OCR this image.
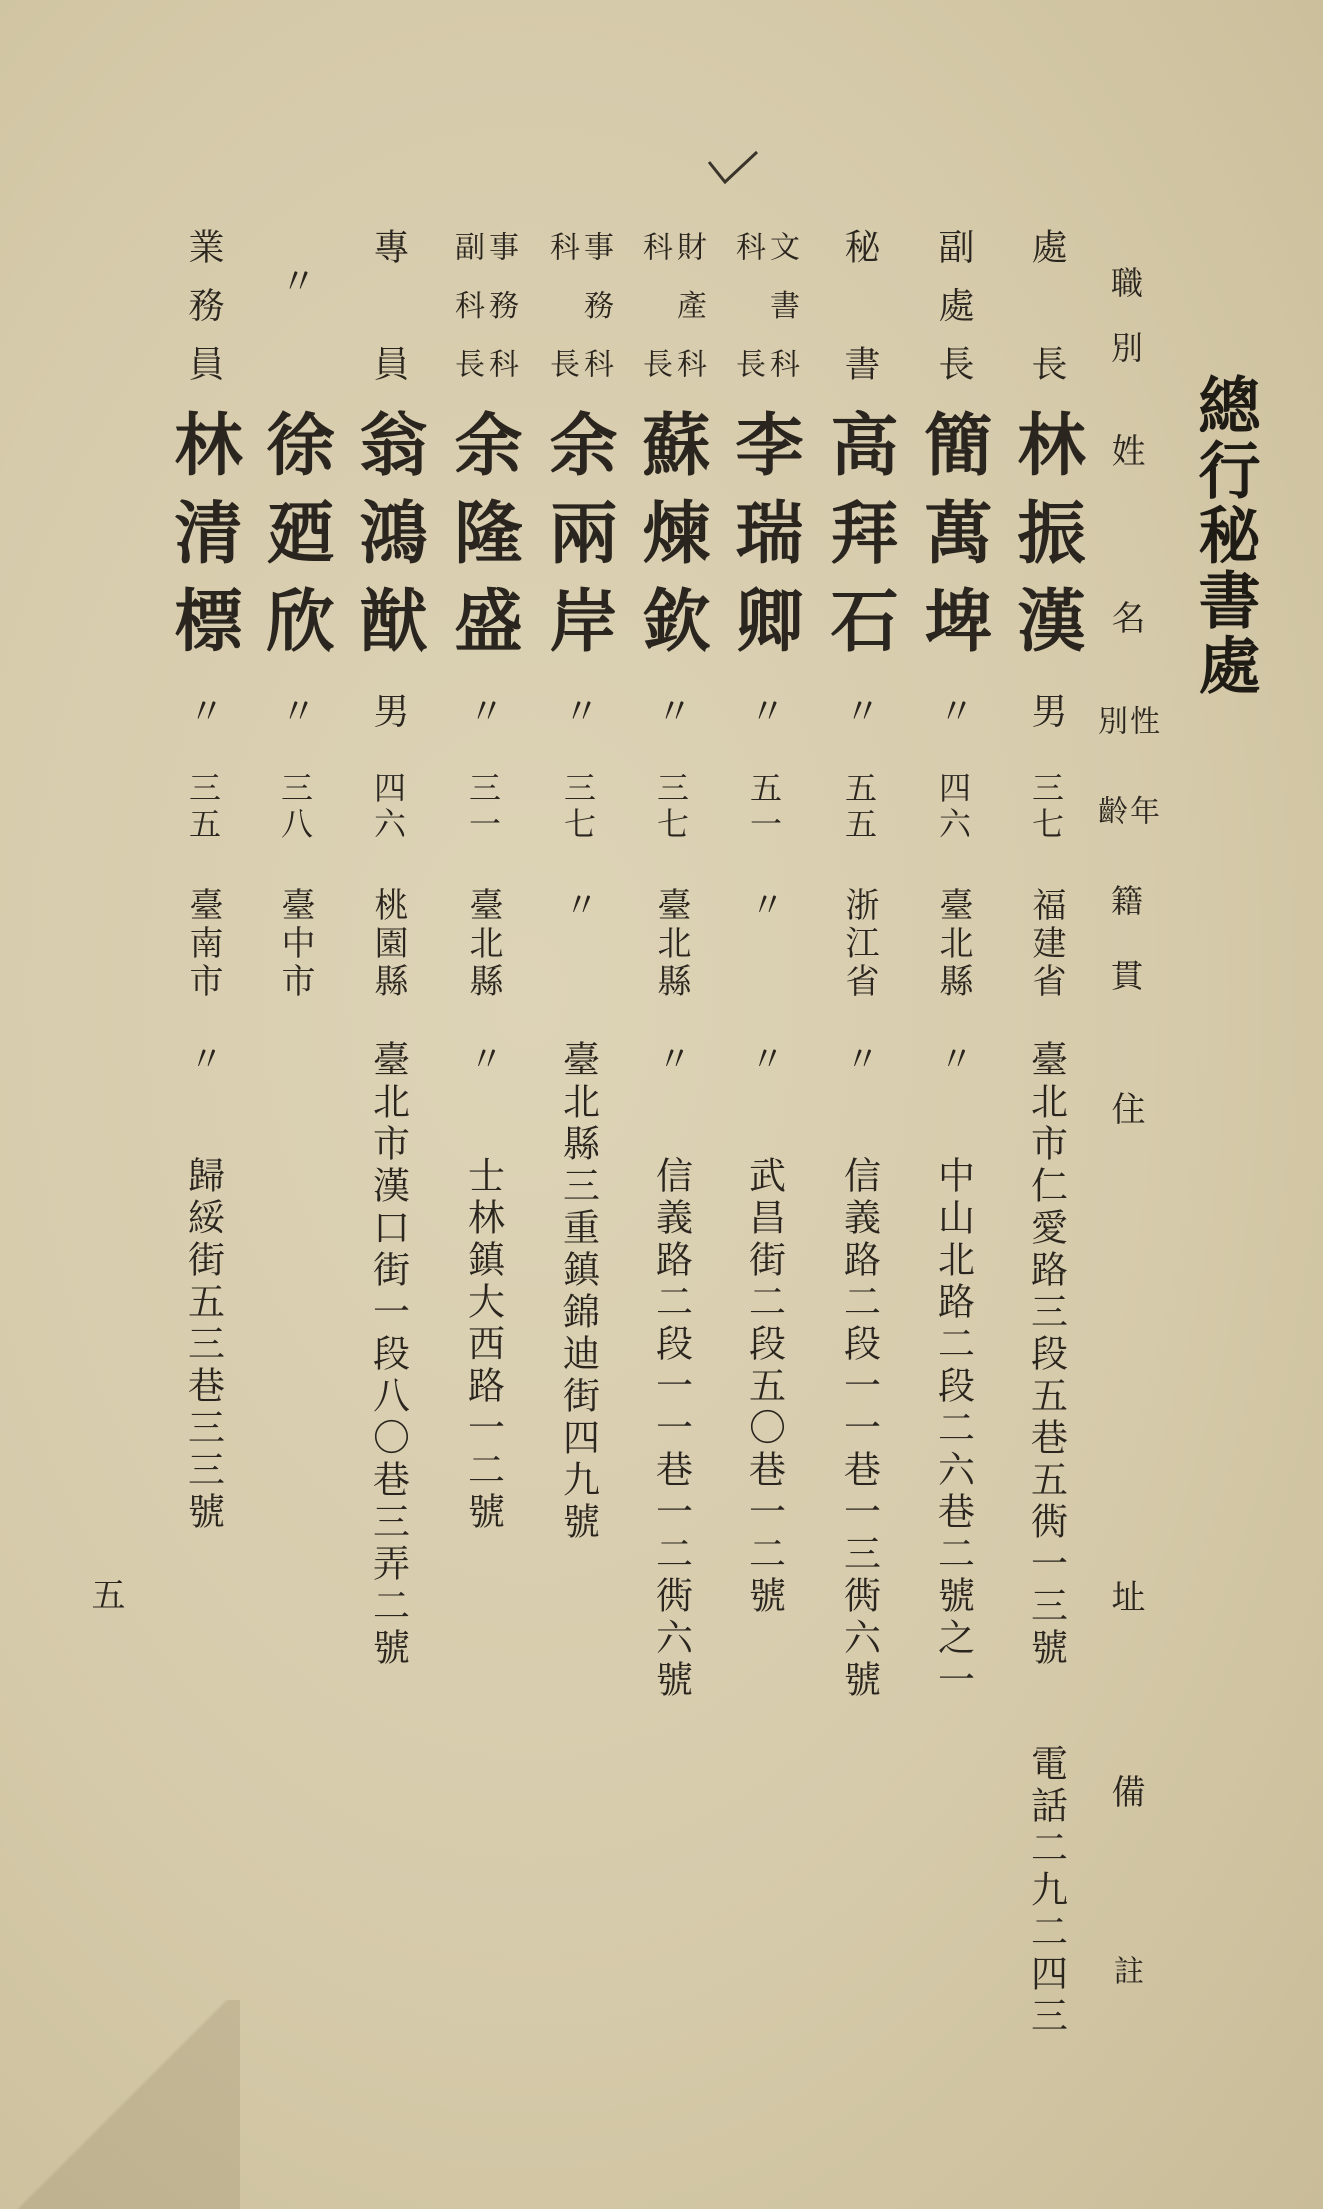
總行秘書處
職別
姓
名
性
別
年
齡
籍
貫
住
址
備
註
處長
林振漢
男
三七
福建省
臺北市仁愛路三段五巷五衖一三號
電話二九二四三
副處長
簡萬埤
〃
四六
臺北縣
〃
中山北路二段二六巷二號之一
秘書
高拜石
〃
五五
浙江省
〃
信義路二段一一巷一三衖六號
文書科
科長
李瑞卿
〃
五一
〃
〃
武昌街二段五〇巷一二號
財產科
科長
蘇煉欽
〃
三七
臺北縣
〃
信義路二段一一巷一二衖六號
事務科
科長
余兩岸
〃
三七
〃
臺北縣三重鎮錦迪街四九號
事務科
副科長
余隆盛
〃
三一
臺北縣
〃
士林鎮大西路一二號
專員
翁鴻猷
男
四六
桃園縣
臺北市漢口街一段八〇巷三弄二號
〃
徐廼欣
〃
三八
臺中市
業務員
林清標
〃
三五
臺南市
〃
歸綏街五三巷三三號
五
